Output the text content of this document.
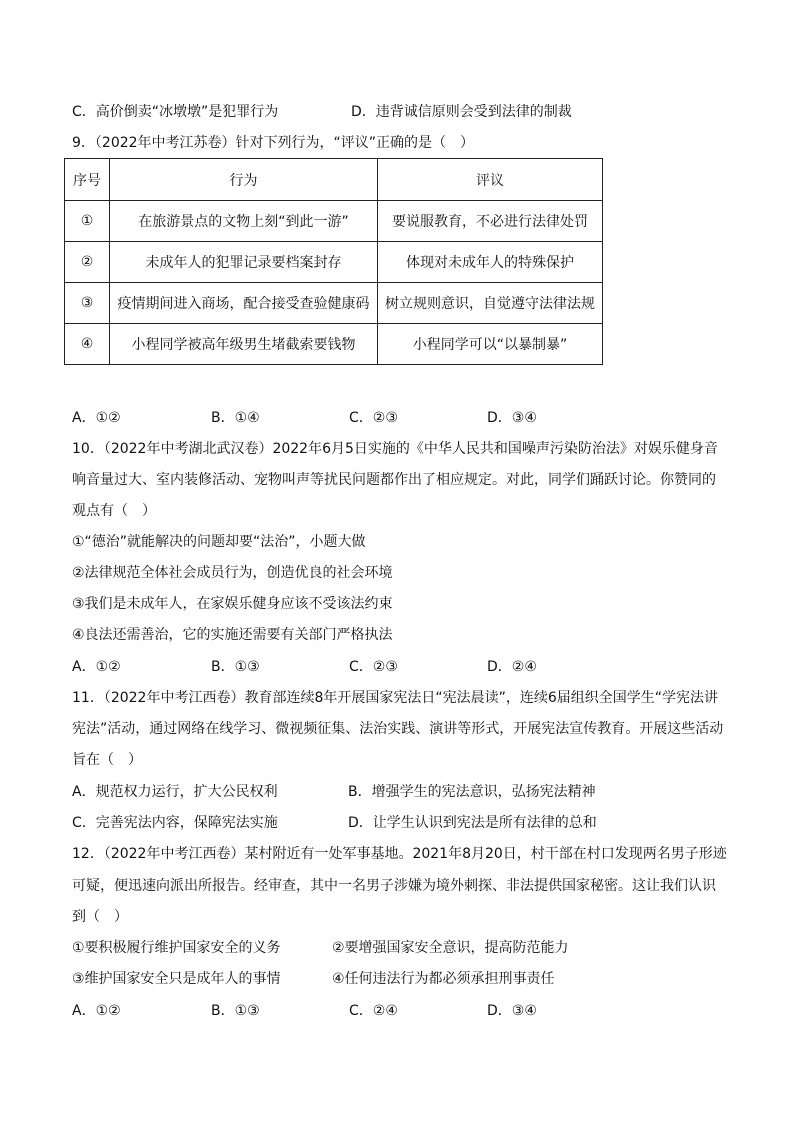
C．高价倒卖“冰墩墩”是犯罪行为	D．违背诚信原则会受到法律的制裁
9．（2022年中考江苏卷）针对下列行为，“评议”正确的是（　）
序号	行为	评议
①	在旅游景点的文物上刻“到此一游”	要说服教育，不必进行法律处罚
②	未成年人的犯罪记录要档案封存	体现对未成年人的特殊保护
③	疫情期间进入商场，配合接受查验健康码	树立规则意识，自觉遵守法律法规
④	小程同学被高年级男生堵截索要钱物	小程同学可以“以暴制暴”
A．①②	B．①④	C．②③	D．③④
10．（2022年中考湖北武汉卷）2022年6月5日实施的《中华人民共和国噪声污染防治法》对娱乐健身音
响音量过大、室内装修活动、宠物叫声等扰民问题都作出了相应规定。对此，同学们踊跃讨论。你赞同的
观点有（　）
①“德治”就能解决的问题却要“法治”，小题大做
②法律规范全体社会成员行为，创造优良的社会环境
③我们是未成年人，在家娱乐健身应该不受该法约束
④良法还需善治，它的实施还需要有关部门严格执法
A．①②	B．①③	C．②③	D．②④
11．（2022年中考江西卷）教育部连续8年开展国家宪法日“宪法晨读”，连续6届组织全国学生“学宪法讲
宪法”活动，通过网络在线学习、微视频征集、法治实践、演讲等形式，开展宪法宣传教育。开展这些活动
旨在（　）
A．规范权力运行，扩大公民权利	B．增强学生的宪法意识，弘扬宪法精神
C．完善宪法内容，保障宪法实施	D．让学生认识到宪法是所有法律的总和
12．（2022年中考江西卷）某村附近有一处军事基地。2021年8月20日，村干部在村口发现两名男子形迹
可疑，便迅速向派出所报告。经审查，其中一名男子涉嫌为境外刺探、非法提供国家秘密。这让我们认识
到（　）
①要积极履行维护国家安全的义务	②要增强国家安全意识，提高防范能力
③维护国家安全只是成年人的事情	④任何违法行为都必须承担刑事责任
A．①②	B．①③	C．②④	D．③④
